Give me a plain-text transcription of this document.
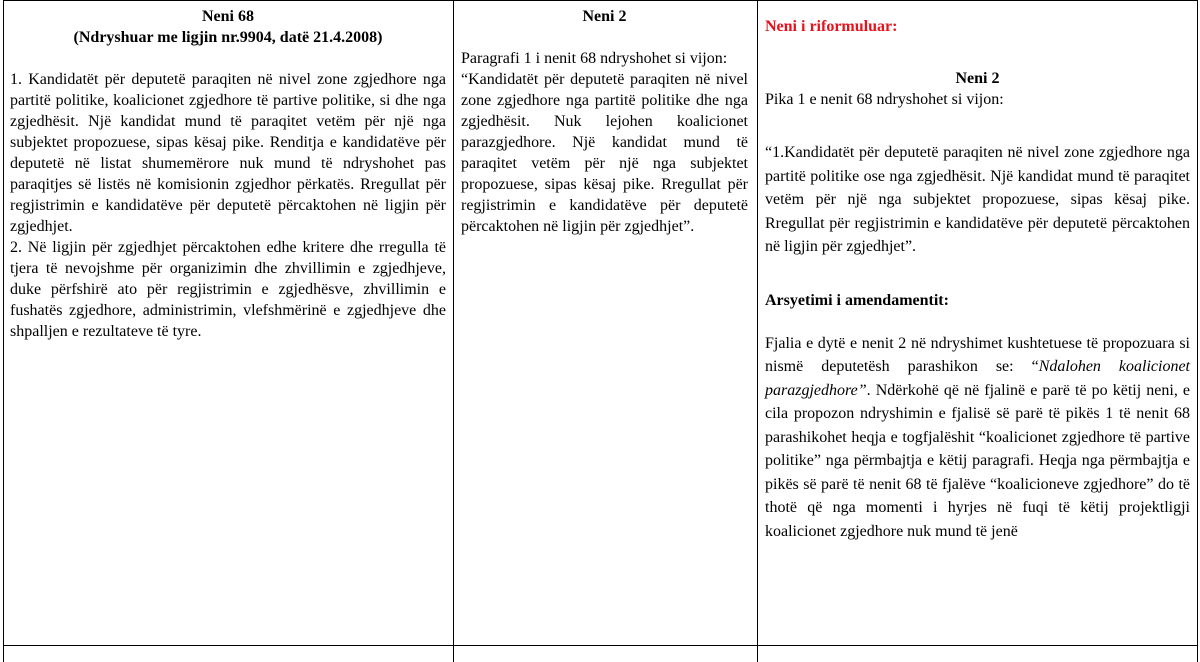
Neni 68

(Ndryshuar me ligjin nr.9904, datë 21.4.2008)

1. Kandidatët për deputetë paraqiten në nivel zone zgjedhore nga partitë politike, koalicionet zgjedhore të partive politike, si dhe nga zgjedhësit. Një kandidat mund të paraqitet vetëm për një nga subjektet propozuese, sipas kësaj pike. Renditja e kandidatëve për deputetë në listat shumemërore nuk mund të ndryshohet pas paraqitjes së listës në komisionin zgjedhor përkatës. Rregullat për regjistrimin e kandidatëve për deputetë përcaktohen në ligjin për zgjedhjet.

2. Në ligjin për zgjedhjet përcaktohen edhe kritere dhe rregulla të tjera të nevojshme për organizimin dhe zhvillimin e zgjedhjeve, duke përfshirë ato për regjistrimin e zgjedhësve, zhvillimin e fushatës zgjedhore, administrimin, vlefshmërinë e zgjedhjeve dhe shpalljen e rezultateve të tyre.

Neni 2

Paragrafi 1 i nenit 68 ndryshohet si vijon:

“Kandidatët për deputetë paraqiten në nivel zone zgjedhore nga partitë politike dhe nga zgjedhësit. Nuk lejohen koalicionet parazgjedhore. Një kandidat mund të paraqitet vetëm për një nga subjektet propozuese, sipas kësaj pike. Rregullat për regjistrimin e kandidatëve për deputetë përcaktohen në ligjin për zgjedhjet”.

Neni i riformuluar:

Neni 2

Pika 1 e nenit 68 ndryshohet si vijon:

“1.Kandidatët për deputetë paraqiten në nivel zone zgjedhore nga partitë politike ose nga zgjedhësit. Një kandidat mund të paraqitet vetëm për një nga subjektet propozuese, sipas kësaj pike. Rregullat për regjistrimin e kandidatëve për deputetë përcaktohen në ligjin për zgjedhjet”.

Arsyetimi i amendamentit:

Fjalia e dytë e nenit 2 në ndryshimet kushtetuese të propozuara si nismë deputetësh parashikon se: “Ndalohen koalicionet parazgjedhore”. Ndërkohë që në fjalinë e parë të po këtij neni, e cila propozon ndryshimin e fjalisë së parë të pikës 1 të nenit 68 parashikohet heqja e togfjalëshit “koalicionet zgjedhore të partive politike” nga përmbajtja e këtij paragrafi. Heqja nga përmbajtja e pikës së parë të nenit 68 të fjalëve “koalicioneve zgjedhore” do të thotë që nga momenti i hyrjes në fuqi të këtij projektligji koalicionet zgjedhore nuk mund të jenë
